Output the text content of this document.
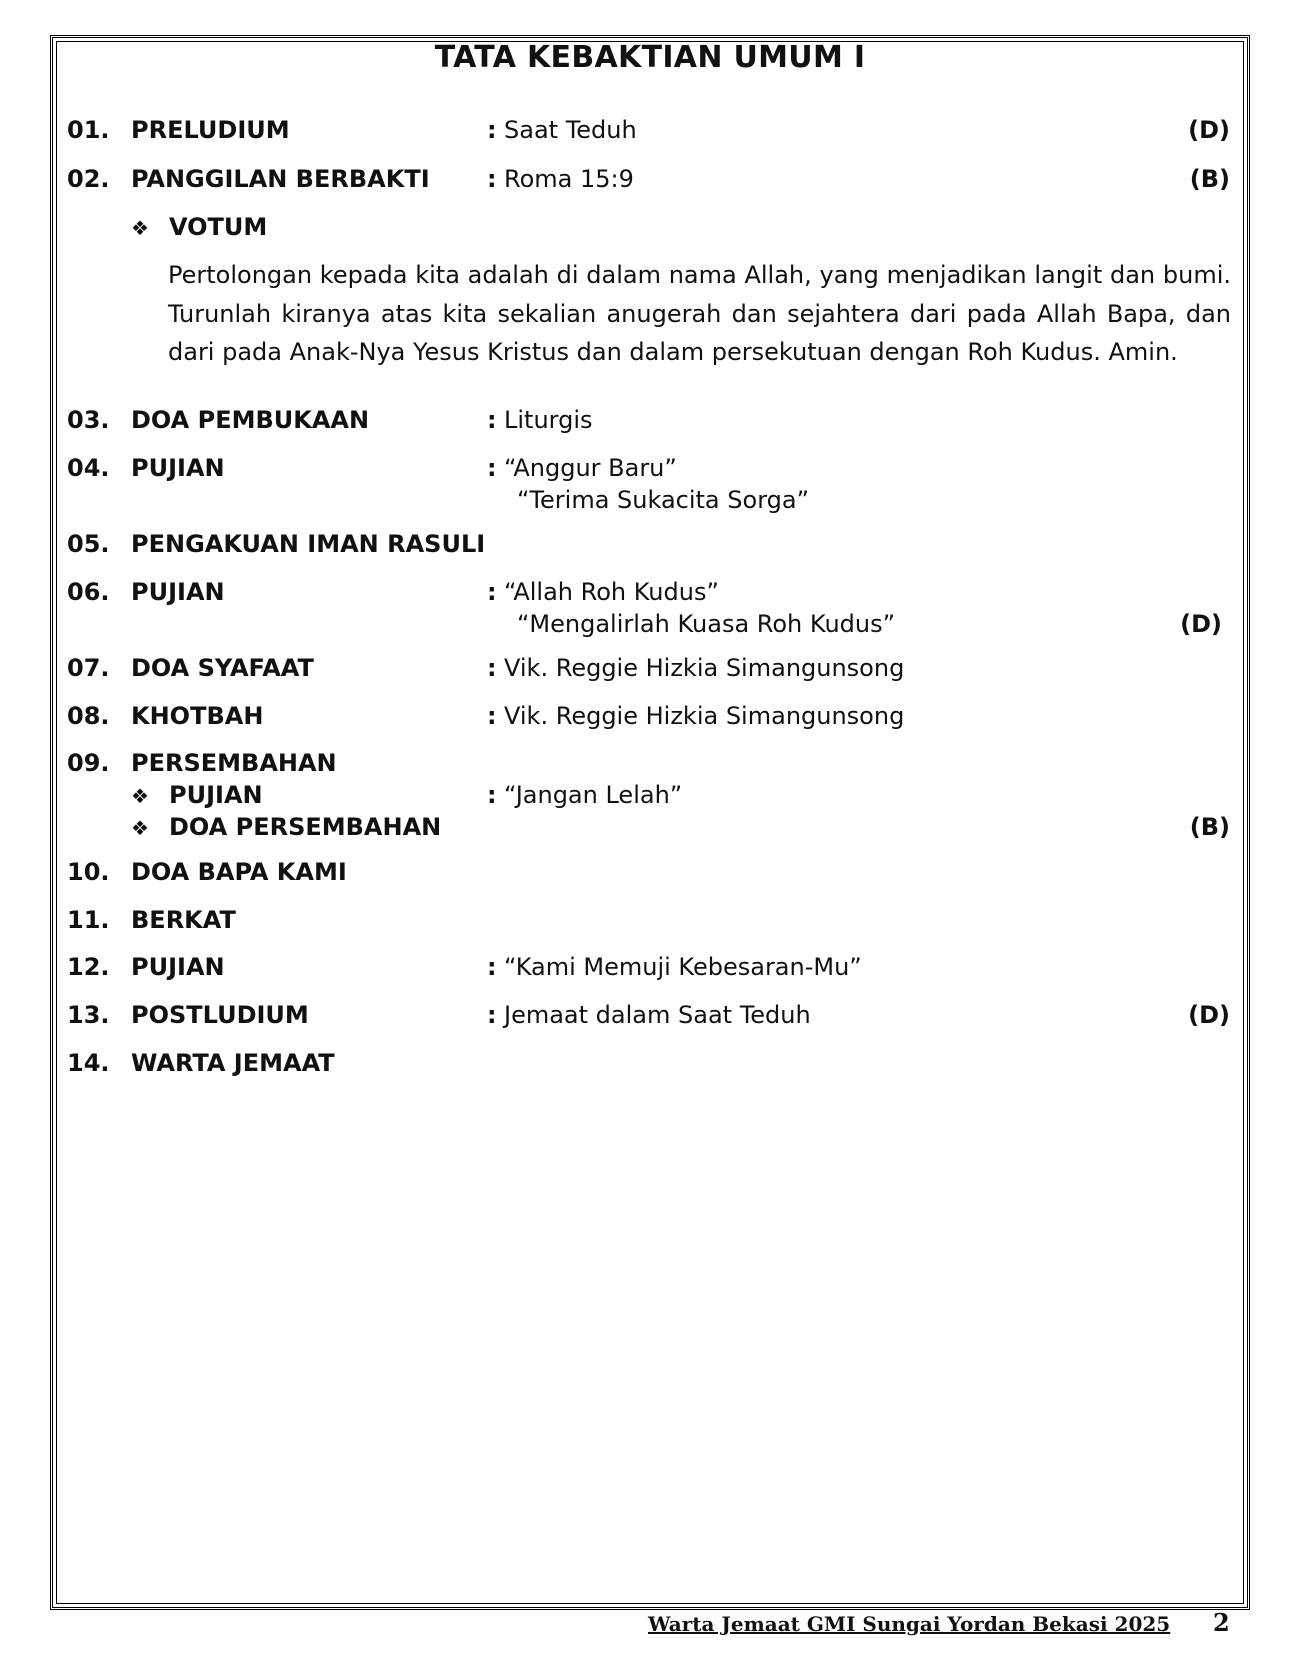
TATA KEBAKTIAN UMUM I
01. PRELUDIUM	: Saat Teduh	(D)
02. PANGGILAN BERBAKTI : Roma 15:9	(B)
❖ VOTUM
Pertolongan kepada kita adalah di dalam nama Allah, yang menjadikan langit dan bumi. Turunlah kiranya atas kita sekalian anugerah dan sejahtera dari pada Allah Bapa, dan dari pada Anak-Nya Yesus Kristus dan dalam persekutuan dengan Roh Kudus. Amin.
03. DOA PEMBUKAAN	: Liturgis
04. PUJIAN	: “Anggur Baru”
“Terima Sukacita Sorga”
05. PENGAKUAN IMAN RASULI
06. PUJIAN	: “Allah Roh Kudus”
“Mengalirlah Kuasa Roh Kudus”	(D)
07. DOA SYAFAAT	: Vik. Reggie Hizkia Simangunsong
08. KHOTBAH	: Vik. Reggie Hizkia Simangunsong
09. PERSEMBAHAN
❖ PUJIAN	: “Jangan Lelah”
❖ DOA PERSEMBAHAN	(B)
10. DOA BAPA KAMI
11. BERKAT
12. PUJIAN	: “Kami Memuji Kebesaran-Mu”
13. POSTLUDIUM	: Jemaat dalam Saat Teduh	(D)
14. WARTA JEMAAT
Warta Jemaat GMI Sungai Yordan Bekasi 2025 2
